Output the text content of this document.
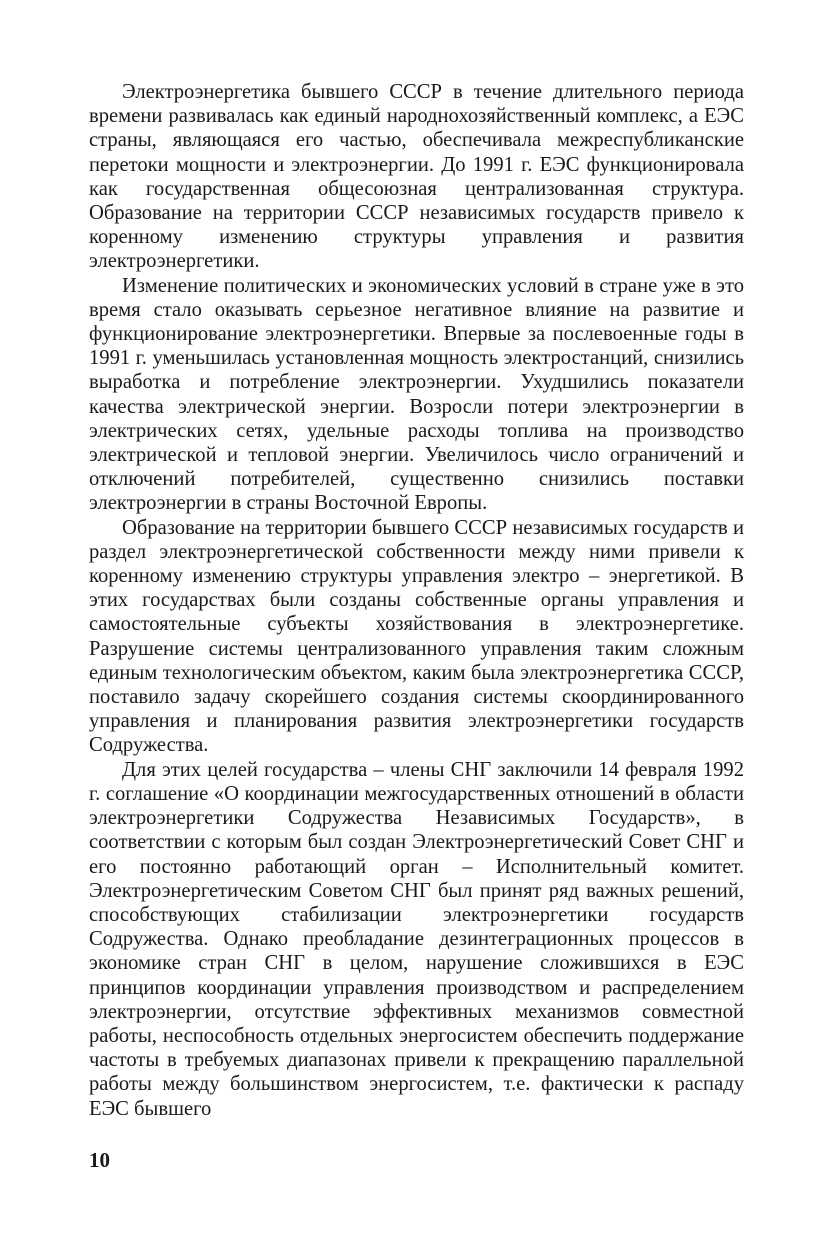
Электроэнергетика бывшего СССР в течение длительного периода времени развивалась как единый народнохозяйственный комплекс, а ЕЭС страны, являющаяся его частью, обеспечивала межреспубликанские перетоки мощности и электроэнергии. До 1991 г. ЕЭС функционировала как государственная общесоюзная централизованная структура. Образование на территории СССР независимых государств привело к коренному изменению структуры управления и развития электроэнергетики.

Изменение политических и экономических условий в стране уже в это время стало оказывать серьезное негативное влияние на развитие и функционирование электроэнергетики. Впервые за послевоенные годы в 1991 г. уменьшилась установленная мощность электростанций, снизились выработка и потребление электроэнергии. Ухудшились показатели качества электрической энергии. Возросли потери электроэнергии в электрических сетях, удельные расходы топлива на производство электрической и тепловой энергии. Увеличилось число ограничений и отключений потребителей, существенно снизились поставки электроэнергии в страны Восточной Европы.

Образование на территории бывшего СССР независимых государств и раздел электроэнергетической собственности между ними привели к коренному изменению структуры управления электро – энергетикой. В этих государствах были созданы собственные органы управления и самостоятельные субъекты хозяйствования в электроэнергетике. Разрушение системы централизованного управления таким сложным единым технологическим объектом, каким была электроэнергетика СССР, поставило задачу скорейшего создания системы скоординированного управления и планирования развития электроэнергетики государств Содружества.

Для этих целей государства – члены СНГ заключили 14 февраля 1992 г. соглашение «О координации межгосударственных отношений в области электроэнергетики Содружества Независимых Государств», в соответствии с которым был создан Электроэнергетический Совет СНГ и его постоянно работающий орган – Исполнительный комитет. Электроэнергетическим Советом СНГ был принят ряд важных решений, способствующих стабилизации электроэнергетики государств Содружества. Однако преобладание дезинтеграционных процессов в экономике стран СНГ в целом, нарушение сложившихся в ЕЭС принципов координации управления производством и распределением электроэнергии, отсутствие эффективных механизмов совместной работы, неспособность отдельных энергосистем обеспечить поддержание частоты в требуемых диапазонах привели к прекращению параллельной работы между большинством энергосистем, т.е. фактически к распаду ЕЭС бывшего

10
